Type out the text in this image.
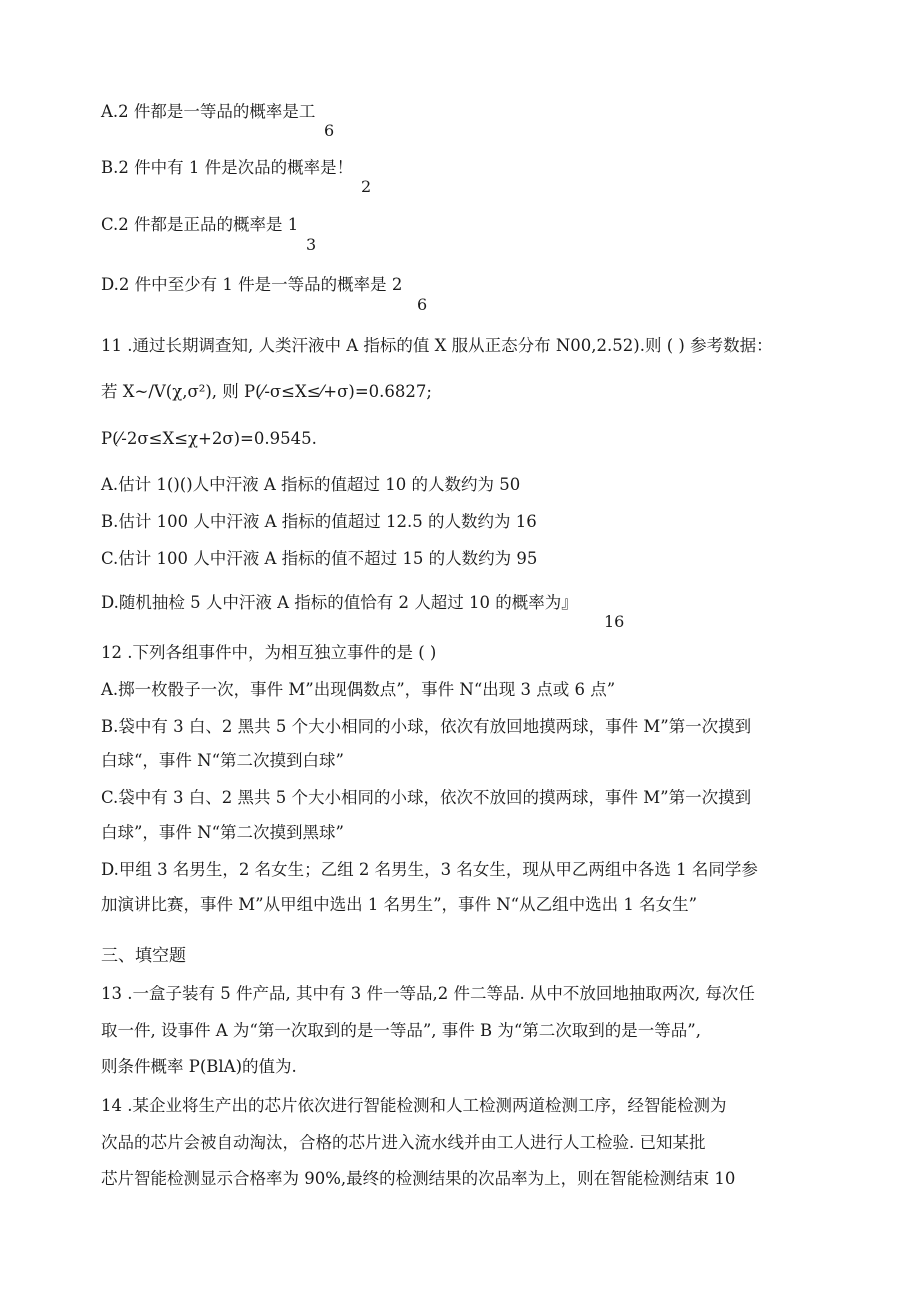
A.2 件都是一等品的概率是工
6
B.2 件中有 1 件是次品的概率是！
2
C.2 件都是正品的概率是 1
3
D.2 件中至少有 1 件是一等品的概率是 2
6
11 .通过长期调查知, 人类汗液中 A 指标的值 X 服从正态分布 N00,2.52).则 ( ) 参考数据：
若 X~/V(χ,σ²), 则 P(⁄-σ≤X≤⁄+σ)=0.6827;
P(⁄-2σ≤X≤χ+2σ)=0.9545.
A.估计 1()()人中汗液 A 指标的值超过 10 的人数约为 50
B.估计 100 人中汗液 A 指标的值超过 12.5 的人数约为 16
C.估计 100 人中汗液 A 指标的值不超过 15 的人数约为 95
D.随机抽检 5 人中汗液 A 指标的值恰有 2 人超过 10 的概率为』
16
12 .下列各组事件中，为相互独立事件的是 ( )
A.掷一枚骰子一次，事件 M”出现偶数点”，事件 N“出现 3 点或 6 点”
B.袋中有 3 白、2 黑共 5 个大小相同的小球，依次有放回地摸两球，事件 M”第一次摸到
白球“，事件 N“第二次摸到白球”
C.袋中有 3 白、2 黑共 5 个大小相同的小球，依次不放回的摸两球，事件 M”第一次摸到
白球”，事件 N“第二次摸到黑球”
D.甲组 3 名男生，2 名女生；乙组 2 名男生，3 名女生，现从甲乙两组中各选 1 名同学参
加演讲比赛，事件 M”从甲组中选出 1 名男生”，事件 N“从乙组中选出 1 名女生”
三、填空题
13 .一盒子装有 5 件产品, 其中有 3 件一等品,2 件二等品. 从中不放回地抽取两次, 每次任
取一件, 设事件 A 为“第一次取到的是一等品”, 事件 B 为“第二次取到的是一等品”,
则条件概率 P(BlA)的值为.
14 .某企业将生产出的芯片依次进行智能检测和人工检测两道检测工序，经智能检测为
次品的芯片会被自动淘汰，合格的芯片进入流水线并由工人进行人工检验. 已知某批
芯片智能检测显示合格率为 90%,最终的检测结果的次品率为上，则在智能检测结束 10
